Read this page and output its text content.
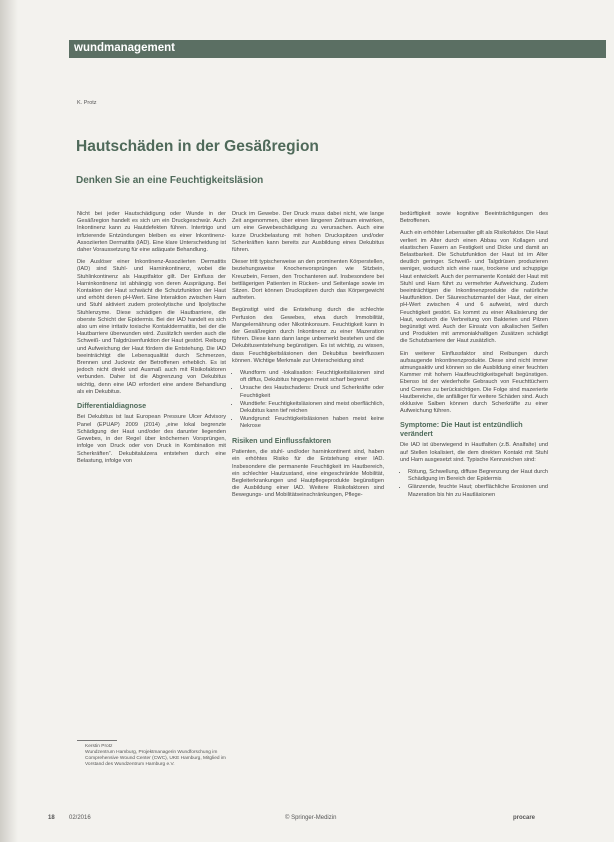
wundmanagement
K. Protz
Hautschäden in der Gesäßregion
Denken Sie an eine Feuchtigkeitsläsion

Nicht bei jeder Hautschädigung oder Wunde in der Gesäßregion handelt es sich um ein Druckgeschwür. Auch Inkontinenz kann zu Hautdefekten führen. Intertrigo und infizierende Entzündungen bleiben es einer Inkontinenz-Assoziierten Dermatitis (IAD). Eine klare Unterscheidung ist daher Voraussetzung für eine adäquate Behandlung.

Die Auslöser einer Inkontinenz-Assoziierten Dermatitis (IAD) sind Stuhl- und Harninkontinenz, wobei die Stuhlinkontinenz als Hauptfaktor gilt. Der Einfluss der Harninkontinenz ist abhängig von deren Ausprägung. Bei Kontakten der Haut schwächt die Schutzfunktion der Haut und erhöht deren pH-Wert. Eine Interaktion zwischen Harn und Stuhl aktiviert zudem proteolytische und lipolytische Stuhlenzyme. Diese schädigen die Hautbarriere, die oberste Schicht der Epidermis. Bei der IAD handelt es sich also um eine irritativ toxische Kontaktdermatitis, bei der die Hautbarriere überwunden wird. Zusätzlich werden auch die Schweiß- und Talgdrüsenfunktion der Haut gestört. Reibung und Aufweichung der Haut fördern die Entstehung. Die IAD beeinträchtigt die Lebensqualität durch Schmerzen, Brennen und Juckreiz der Betroffenen erheblich. Es ist jedoch nicht direkt und Ausmaß auch mit Risikofaktoren verbunden. Daher ist die Abgrenzung von Dekubitus wichtig, denn eine IAD erfordert eine andere Behandlung als ein Dekubitus.

Differentialdiagnose

Bei Dekubitus ist laut European Pressure Ulcer Advisory Panel (EPUAP) 2009 (2014) „eine lokal begrenzte Schädigung der Haut und/oder des darunter liegenden Gewebes, in der Regel über knöchernen Vorsprüngen, infolge von Druck oder von Druck in Kombination mit Scherkräften“. Dekubitalulzera entstehen durch eine Belastung, infolge von

Kerstin Protz
Wundzentrum Hamburg, Projektmanagerin Wundforschung im Comprehensive Wound Center (CWC), UKE Hamburg, Mitglied im Vorstand des Wundzentrum Hamburg e.V.

Druck im Gewebe. Der Druck muss dabei nicht, wie lange Zeit angenommen, über einen längeren Zeitraum einwirken, um eine Gewebeschädigung zu verursachen. Auch eine kurze Druckbelastung mit hohen Druckspitzen und/oder Scherkräften kann bereits zur Ausbildung eines Dekubitus führen.

Dieser tritt typischerweise an den prominenten Körperstellen, beziehungsweise Knochenvorsprüngen wie Sitzbein, Kreuzbein, Fersen, den Trochanteren auf. Insbesondere bei bettlägerigen Patienten in Rücken- und Seitenlage sowie im Sitzen. Dort können Druckspitzen durch das Körpergewicht auftreten.

Begünstigt wird die Entstehung durch die schlechte Perfusion des Gewebes, etwa durch Immobilität, Mangelernährung oder Nikotinkonsum. Feuchtigkeit kann in der Gesäßregion durch Inkontinenz zu einer Mazeration führen. Diese kann dann lange unbemerkt bestehen und die Dekubitusentstehung begünstigen. Es ist wichtig, zu wissen, dass Feuchtigkeitsläsionen den Dekubitus beeinflussen können. Wichtige Merkmale zur Unterscheidung sind:

• Wundform und -lokalisation: Feuchtigkeitsläsionen sind oft diffus, Dekubitus hingegen meist scharf begrenzt
• Ursache des Hautschadens: Druck und Scherkräfte oder Feuchtigkeit
• Wundtiefe: Feuchtigkeitsläsionen sind meist oberflächlich, Dekubitus kann tief reichen
• Wundgrund: Feuchtigkeitsläsionen haben meist keine Nekrose
Risiken und Einflussfaktoren

Patienten, die stuhl- und/oder harninkontinent sind, haben ein erhöhtes Risiko für die Entstehung einer IAD. Insbesondere die permanente Feuchtigkeit im Hautbereich, ein schlechter Hautzustand, eine eingeschränkte Mobilität, Begleiterkrankungen und Hautpflegeprodukte begünstigen die Ausbildung einer IAD. Weitere Risikofaktoren sind Bewegungs- und Mobilitätseinschränkungen, Pflege-

bedürftigkeit sowie kognitive Beeinträchtigungen des Betroffenen.

Auch ein erhöhter Lebensalter gilt als Risikofaktor. Die Haut verliert im Alter durch einen Abbau von Kollagen und elastischen Fasern an Festigkeit und Dicke und damit an Belastbarkeit. Die Schutzfunktion der Haut ist im Alter deutlich geringer. Schweiß- und Talgdrüsen produzieren weniger, wodurch sich eine raue, trockene und schuppige Haut entwickelt. Auch der permanente Kontakt der Haut mit Stuhl und Harn führt zu vermehrter Aufweichung. Zudem beeinträchtigen die Inkontinenzprodukte die natürliche Hautfunktion. Der Säureschutzmantel der Haut, der einen pH-Wert zwischen 4 und 6 aufweist, wird durch Feuchtigkeit gestört. Es kommt zu einer Alkalisierung der Haut, wodurch die Verbreitung von Bakterien und Pilzen begünstigt wird. Auch der Einsatz von alkalischen Seifen und Produkten mit ammoniakhaltigen Zusätzen schädigt die Schutzbarriere der Haut zusätzlich.

Ein weiterer Einflussfaktor sind Reibungen durch aufsaugende Inkontinenzprodukte. Diese sind nicht immer atmungsaktiv und können so die Ausbildung einer feuchten Kammer mit hohem Hautfeuchtigkeitsgehalt begünstigen. Ebenso ist der wiederholte Gebrauch von Feuchttüchern und Cremes zu berücksichtigen. Die Folge sind mazerierte Hautbereiche, die anfälliger für weitere Schäden sind. Auch okklusive Salben können durch Scherkräfte zu einer Aufweichung führen.

Symptome: Die Haut ist entzündlich verändert

Die IAD ist überwiegend in Hautfalten (z.B. Analfalte) und auf Stellen lokalisiert, die dem direkten Kontakt mit Stuhl und Harn ausgesetzt sind. Typische Kennzeichen sind:

• Rötung, Schwellung, diffuse Begrenzung der Haut durch Schädigung im Bereich der Epidermis
• Glänzende, feuchte Haut; oberflächliche Erosionen und Mazeration bis hin zu Hautläsionen
18 02/2016	© Springer-Medizin	procare
